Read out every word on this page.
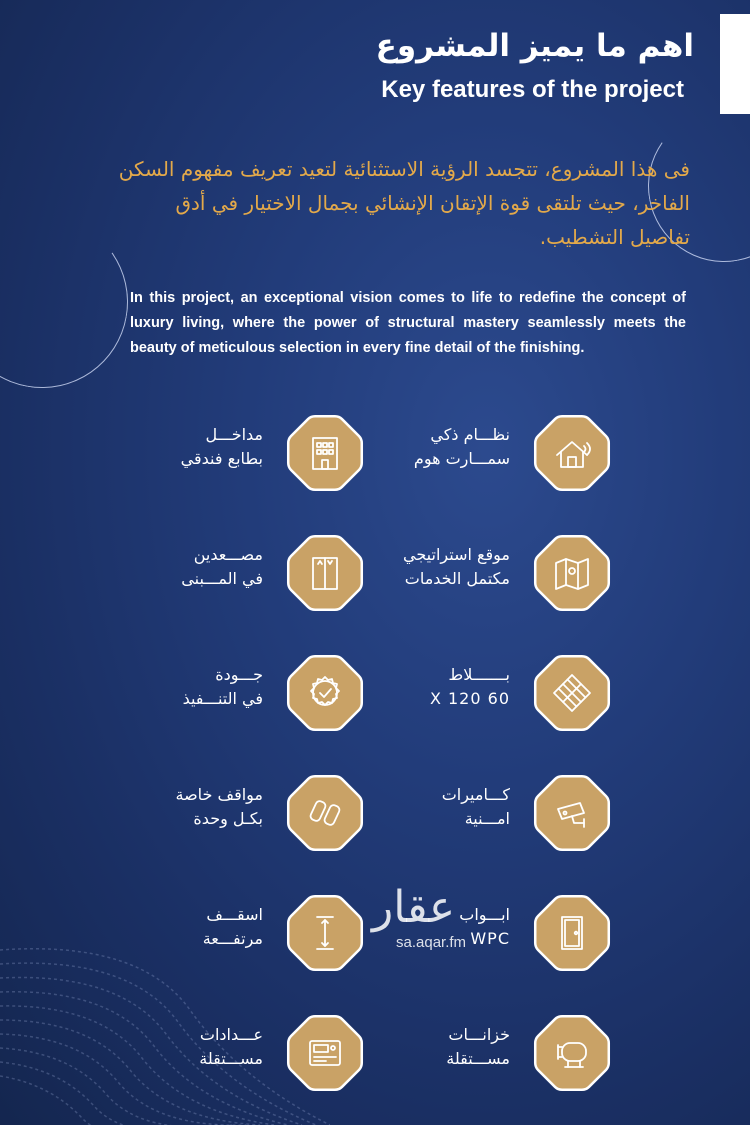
اهم ما يميز المشروع
Key features of the project
فى هذا المشروع، تتجسد الرؤية الاستثنائية لتعيد تعريف مفهوم السكن الفاخر، حيث تلتقى قوة الإتقان الإنشائي بجمال الاختيار في أدق تفاصيل التشطيب.
In this project, an exceptional vision comes to life to redefine the concept of luxury living, where the power of structural mastery seamlessly meets the beauty of meticulous selection in every fine detail of the finishing.
نظـــام ذكي
سمـــارت هوم
مداخـــل
بطابع فندقي
موقع استراتيجي
مكتمل الخدمات
مصـــعدين
في المـــبنى
بـــــــلاط
60 X 120
جـــودة
في التنـــفيذ
كـــاميرات
امـــنية
مواقف خاصة
بكـل وحدة
ابـــواب
WPC
اسقـــف
مرتفـــعة
خزانـــات
مســـتقلة
عـــدادات
مســـتقلة
عقار
sa.aqar.fm
